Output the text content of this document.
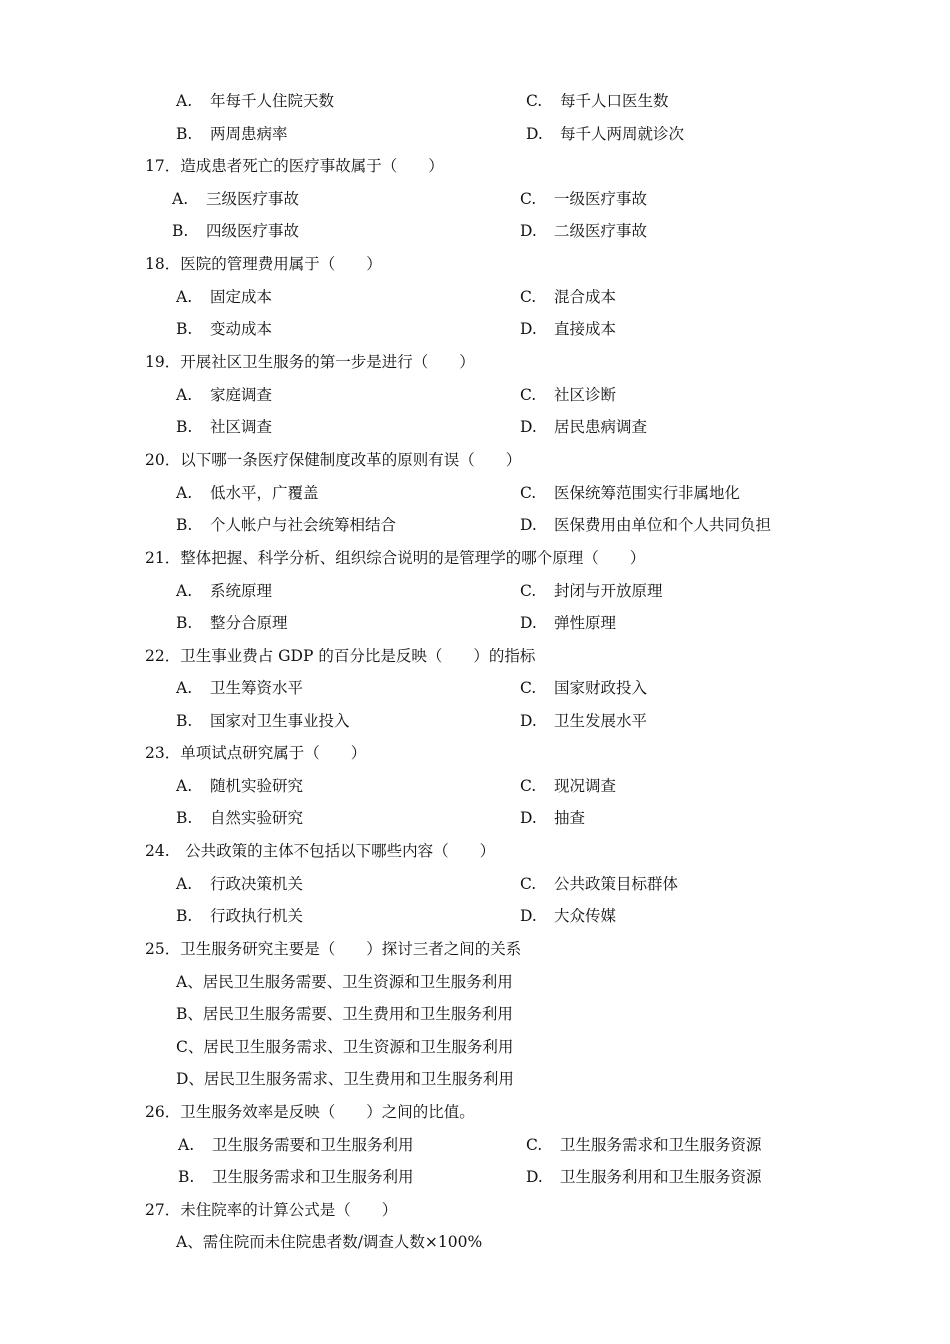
A. 年每千人住院天数	C. 每千人口医生数
B. 两周患病率	D. 每千人两周就诊次
17．造成患者死亡的医疗事故属于（　　）
A. 三级医疗事故	C. 一级医疗事故
B. 四级医疗事故	D. 二级医疗事故
18．医院的管理费用属于（　　）
A. 固定成本	C. 混合成本
B. 变动成本	D. 直接成本
19．开展社区卫生服务的第一步是进行（　　）
A. 家庭调查	C. 社区诊断
B. 社区调查	D. 居民患病调查
20．以下哪一条医疗保健制度改革的原则有误（　　）
A. 低水平，广覆盖	C. 医保统筹范围实行非属地化
B. 个人帐户与社会统筹相结合	D. 医保费用由单位和个人共同负担
21．整体把握、科学分析、组织综合说明的是管理学的哪个原理（　　）
A. 系统原理	C. 封闭与开放原理
B. 整分合原理	D. 弹性原理
22．卫生事业费占 GDP 的百分比是反映（　　）的指标
A. 卫生筹资水平	C. 国家财政投入
B. 国家对卫生事业投入	D. 卫生发展水平
23．单项试点研究属于（　　）
A. 随机实验研究	C. 现况调查
B. 自然实验研究	D. 抽查
24.　公共政策的主体不包括以下哪些内容（　　）
A. 行政决策机关	C. 公共政策目标群体
B. 行政执行机关	D. 大众传媒
25．卫生服务研究主要是（　　）探讨三者之间的关系
A、居民卫生服务需要、卫生资源和卫生服务利用
B、居民卫生服务需要、卫生费用和卫生服务利用
C、居民卫生服务需求、卫生资源和卫生服务利用
D、居民卫生服务需求、卫生费用和卫生服务利用
26．卫生服务效率是反映（　　）之间的比值。
A. 卫生服务需要和卫生服务利用	C. 卫生服务需求和卫生服务资源
B. 卫生服务需求和卫生服务利用	D. 卫生服务利用和卫生服务资源
27．未住院率的计算公式是（　　）
A、需住院而未住院患者数/调查人数×100%
